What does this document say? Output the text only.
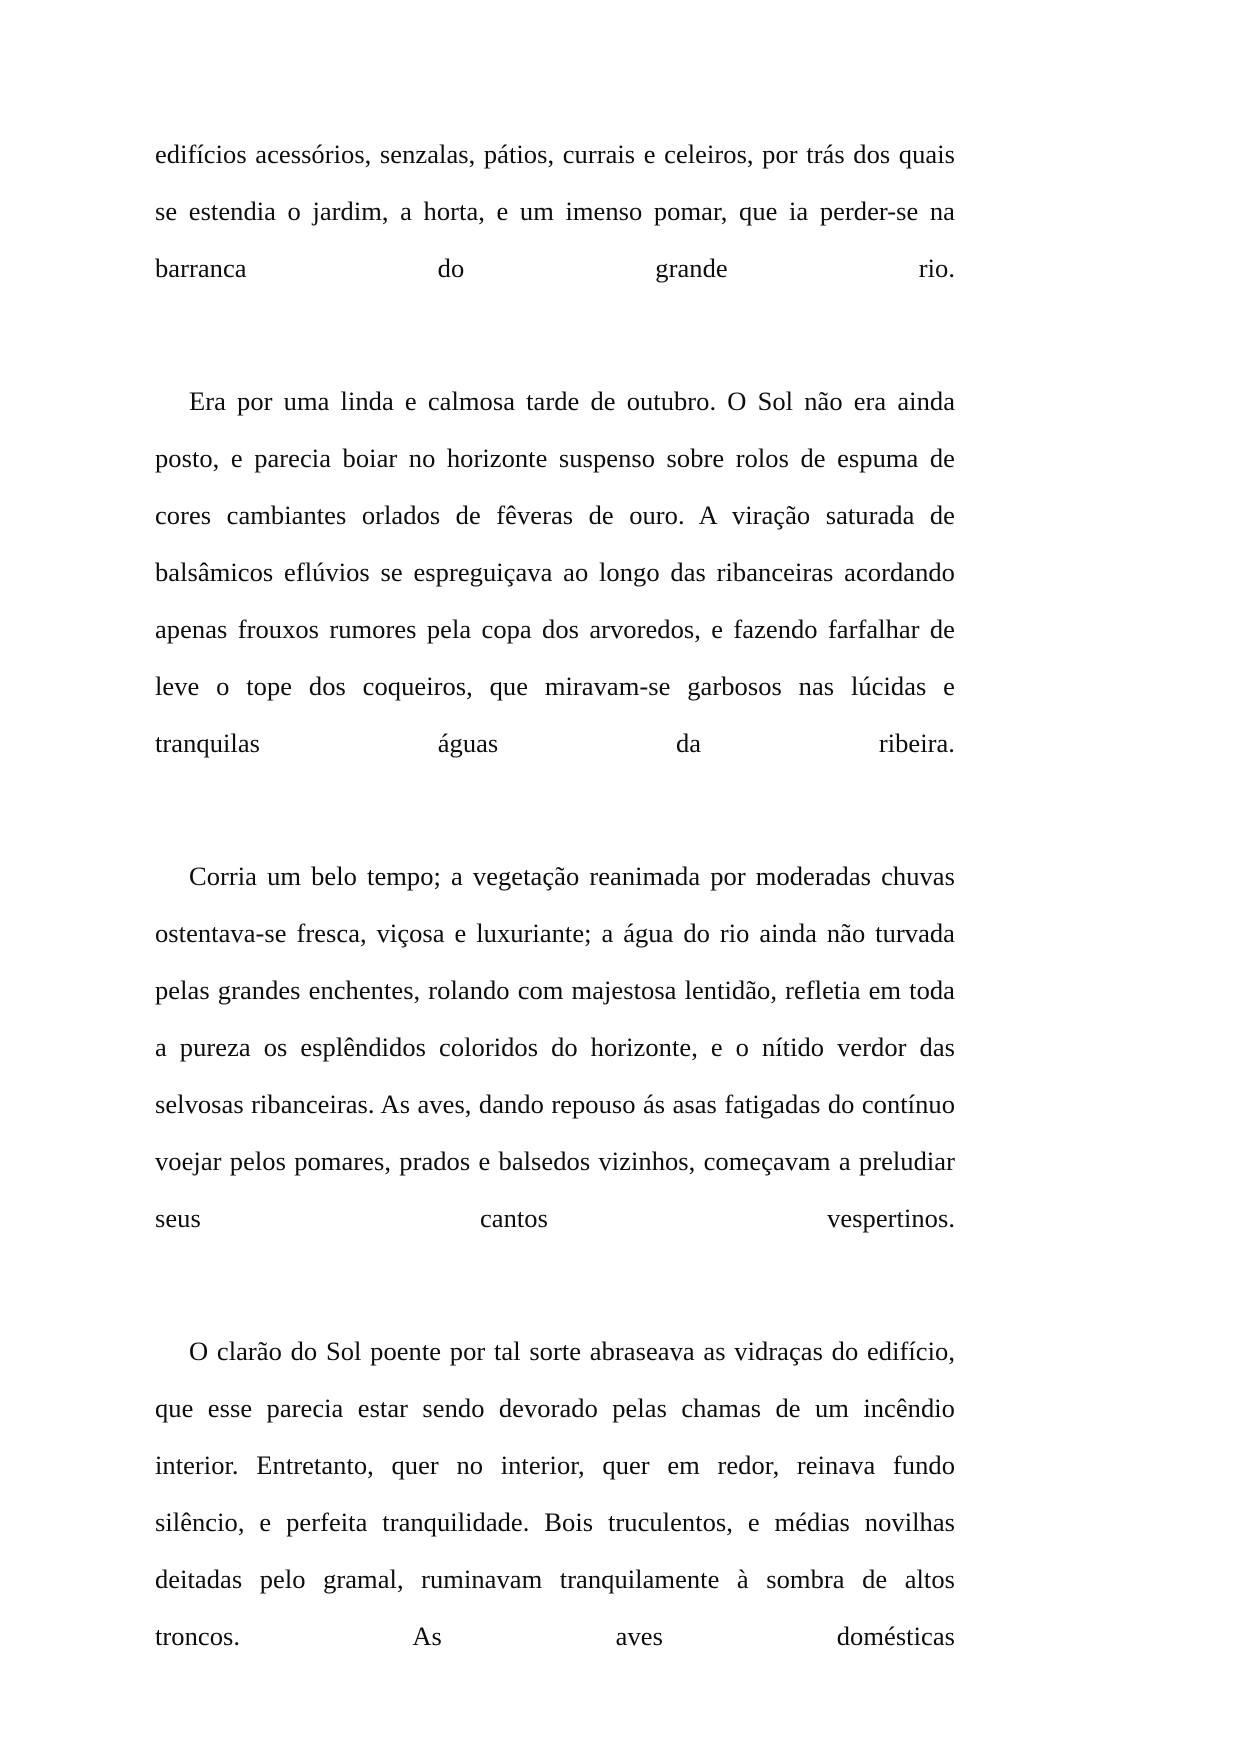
edifícios acessórios, senzalas, pátios, currais e celeiros, por trás dos quais se estendia o jardim, a horta, e um imenso pomar, que ia perder-se na barranca do grande rio.

Era por uma linda e calmosa tarde de outubro. O Sol não era ainda posto, e parecia boiar no horizonte suspenso sobre rolos de espuma de cores cambiantes orlados de fêveras de ouro. A viração saturada de balsâmicos eflúvios se espreguiçava ao longo das ribanceiras acordando apenas frouxos rumores pela copa dos arvoredos, e fazendo farfalhar de leve o tope dos coqueiros, que miravam-se garbosos nas lúcidas e tranquilas águas da ribeira.

Corria um belo tempo; a vegetação reanimada por moderadas chuvas ostentava-se fresca, viçosa e luxuriante; a água do rio ainda não turvada pelas grandes enchentes, rolando com majestosa lentidão, refletia em toda a pureza os esplêndidos coloridos do horizonte, e o nítido verdor das selvosas ribanceiras. As aves, dando repouso ás asas fatigadas do contínuo voejar pelos pomares, prados e balsedos vizinhos, começavam a preludiar seus cantos vespertinos.

O clarão do Sol poente por tal sorte abraseava as vidraças do edifício, que esse parecia estar sendo devorado pelas chamas de um incêndio interior. Entretanto, quer no interior, quer em redor, reinava fundo silêncio, e perfeita tranquilidade. Bois truculentos, e médias novilhas deitadas pelo gramal, ruminavam tranquilamente à sombra de altos troncos. As aves domésticas
